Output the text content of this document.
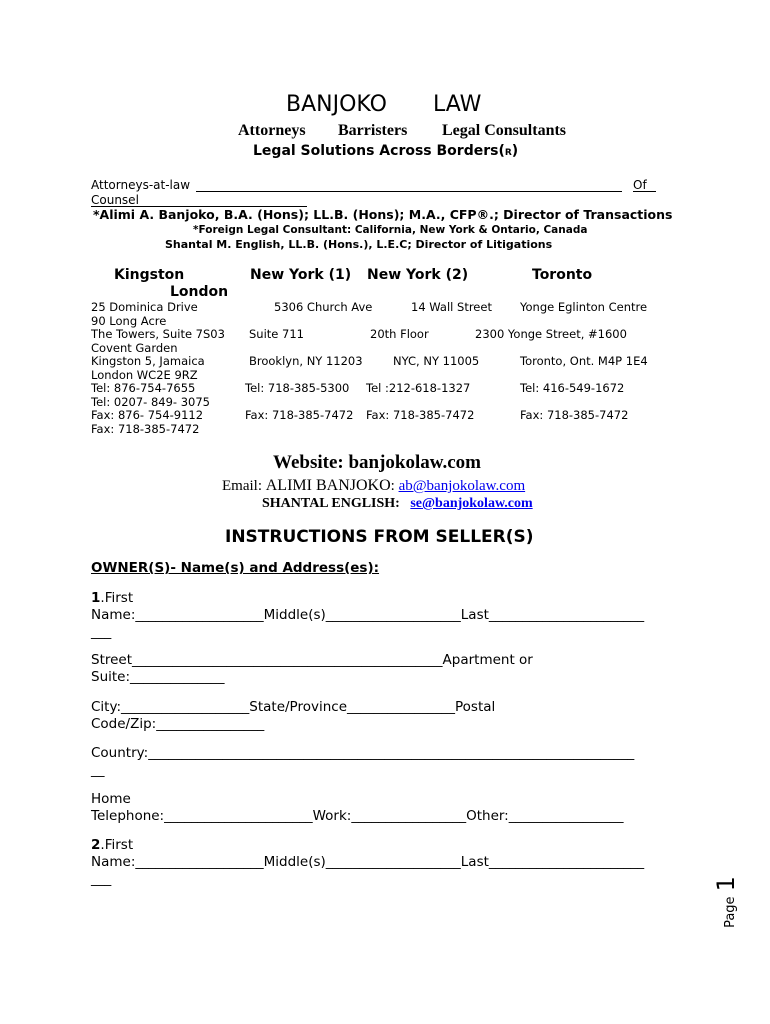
BANJOKO LAW
Attorneys Barristers Legal Consultants
Legal Solutions Across Borders(R)
Attorneys-at-law	Of
Counsel
*Alimi A. Banjoko, B.A. (Hons); LL.B. (Hons); M.A., CFP®.; Director of Transactions
*Foreign Legal Consultant: California, New York & Ontario, Canada
Shantal M. English, LL.B. (Hons.), L.E.C; Director of Litigations
Kingston
London
New York (1) New York (2)	Toronto
25 Dominica Drive
90 Long Acre
The Towers, Suite 7S03
Covent Garden
Kingston 5, Jamaica
London WC2E 9RZ
Tel: 876-754-7655
Tel: 0207- 849- 3075
Fax: 876- 754-9112
Fax: 718-385-7472
5306 Church Ave
Suite 711
Brooklyn, NY 11203
Tel: 718-385-5300
Fax: 718-385-7472
14 Wall Street
20th Floor
NYC, NY 11005
Tel :212-618-1327
Fax: 718-385-7472
Yonge Eglinton Centre
2300 Yonge Street, #1600
Toronto, Ont. M4P 1E4
Tel: 416-549-1672
Fax: 718-385-7472
Website: banjokolaw.com
Email: ALIMI BANJOKO: ab@banjokolaw.com
SHANTAL ENGLISH: se@banjokolaw.com
INSTRUCTIONS FROM SELLER(S)
OWNER(S)- Name(s) and Address(es):
1.First
Name:___________________Middle(s)____________________Last_______________________
___
Street______________________________________________Apartment or
Suite:______________
City:___________________State/Province________________Postal
Code/Zip:________________
Country:________________________________________________________________________
__
Home
Telephone:______________________Work:_________________Other:_________________
2.First
Name:___________________Middle(s)____________________Last_______________________
___
Page 1
